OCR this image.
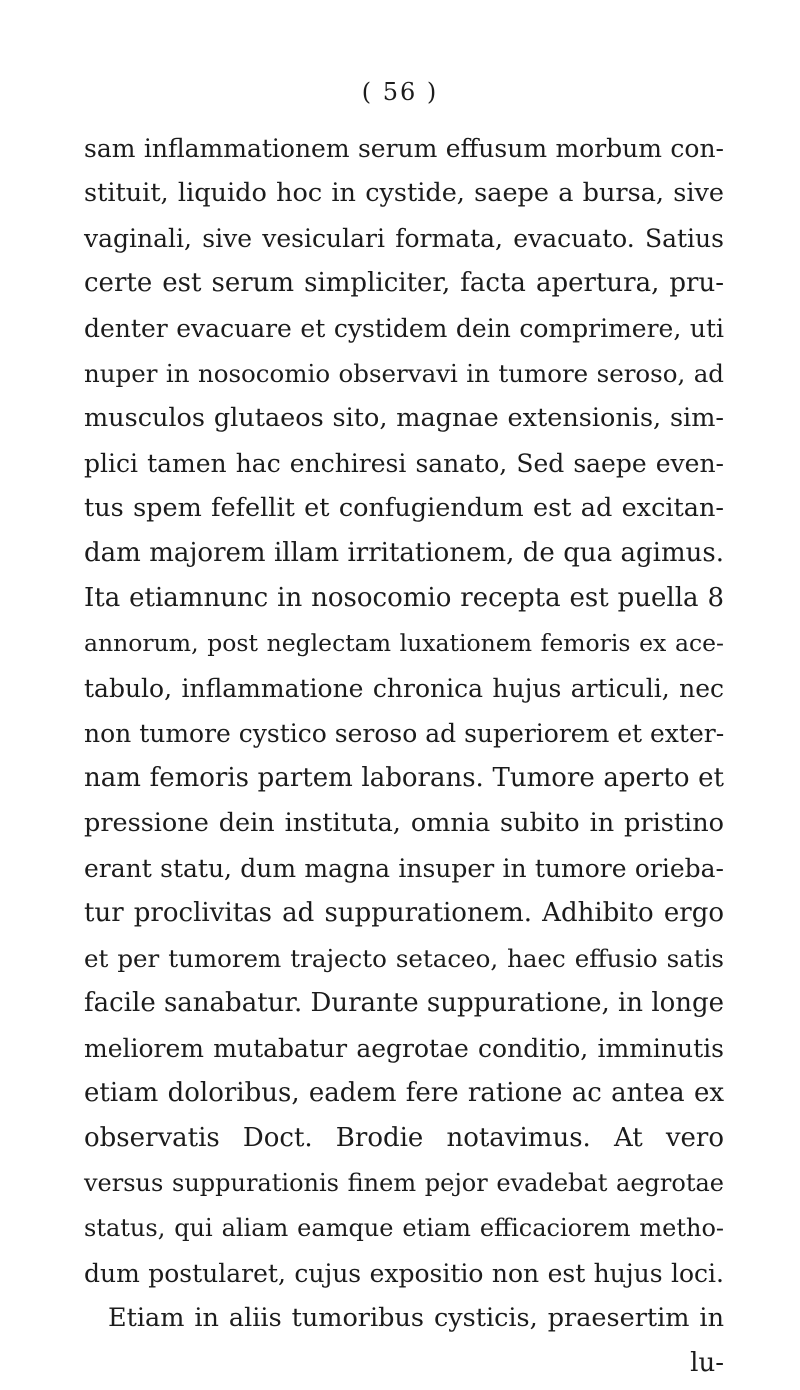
( 56 )
sam inflammationem serum effusum morbum con-
stituit, liquido hoc in cystide, saepe a bursa, sive
vaginali, sive vesiculari formata, evacuato. Satius
certe est serum simpliciter, facta apertura, pru-
denter evacuare et cystidem dein comprimere, uti
nuper in nosocomio observavi in tumore seroso, ad
musculos glutaeos sito, magnae extensionis, sim-
plici tamen hac enchiresi sanato, Sed saepe even-
tus spem fefellit et confugiendum est ad excitan-
dam majorem illam irritationem, de qua agimus.
Ita etiamnunc in nosocomio recepta est puella 8
annorum, post neglectam luxationem femoris ex ace-
tabulo, inflammatione chronica hujus articuli, nec
non tumore cystico seroso ad superiorem et exter-
nam femoris partem laborans. Tumore aperto et
pressione dein instituta, omnia subito in pristino
erant statu, dum magna insuper in tumore orieba-
tur proclivitas ad suppurationem. Adhibito ergo
et per tumorem trajecto setaceo, haec effusio satis
facile sanabatur. Durante suppuratione, in longe
meliorem mutabatur aegrotae conditio, imminutis
etiam doloribus, eadem fere ratione ac antea ex
observatis Doct. Brodie notavimus. At vero
versus suppurationis finem pejor evadebat aegrotae
status, qui aliam eamque etiam efficaciorem metho-
dum postularet, cujus expositio non est hujus loci.
Etiam in aliis tumoribus cysticis, praesertim in
lu-
